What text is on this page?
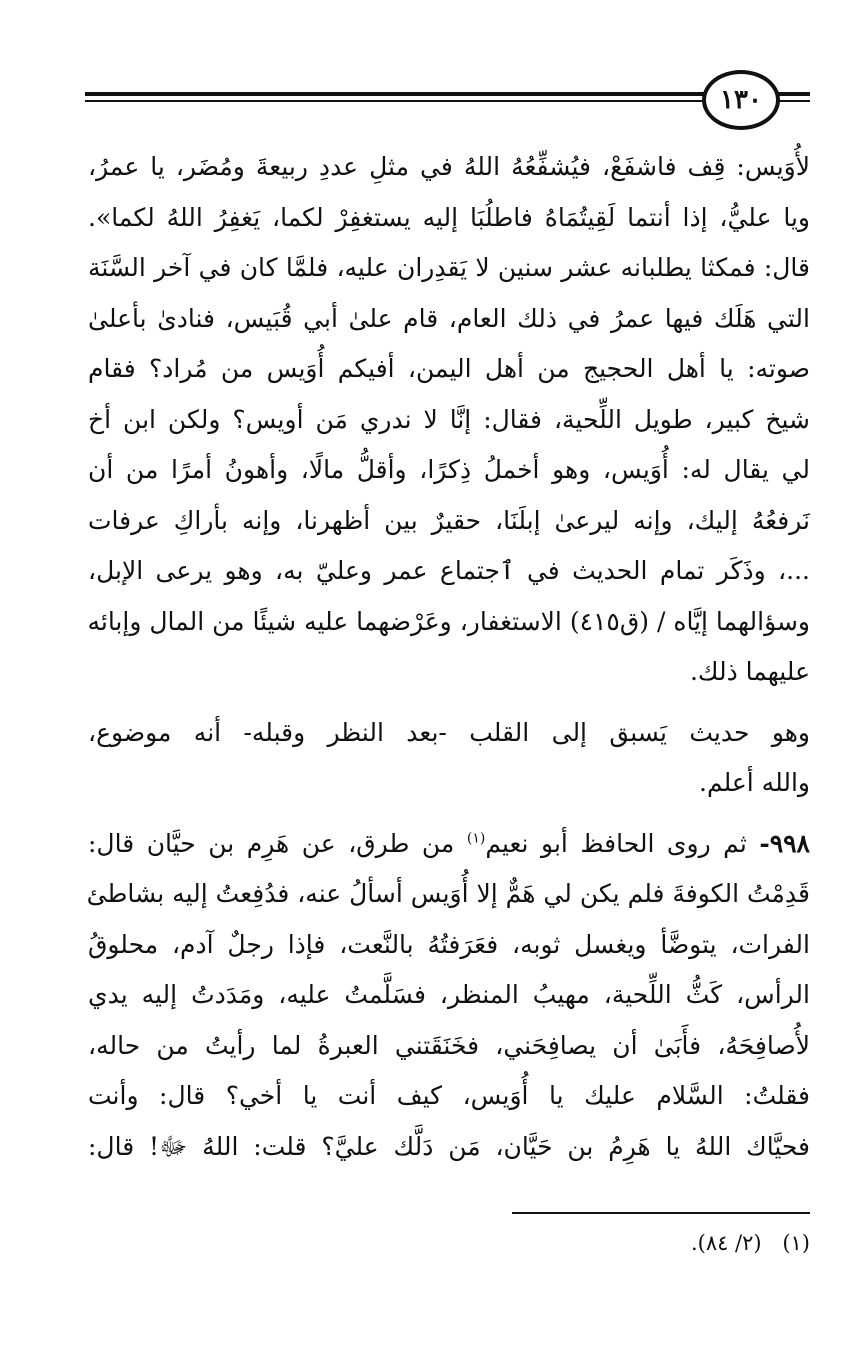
١٣٠

لأُوَيس: قِف فاشفَعْ، فيُشفِّعُهُ اللهُ في مثلِ عددِ ربيعةَ ومُضَر، يا عمرُ،
ويا عليُّ، إذا أنتما لَقِيتُمَاهُ فاطلُبَا إليه يستغفِرْ لكما، يَغفِرُ اللهُ لكما».
قال: فمكثا يطلبانه عشر سنين لا يَقدِران عليه، فلمَّا كان في آخر السَّنَة
التي هَلَك فيها عمرُ في ذلك العام، قام علىٰ أبي قُبَيس، فنادىٰ بأعلىٰ
صوته: يا أهل الحجيج من أهل اليمن، أفيكم أُوَيس من مُراد؟ فقام
شيخ كبير، طويل اللِّحية، فقال: إنَّا لا ندري مَن أويس؟ ولكن ابن أخ
لي يقال له: أُوَيس، وهو أخملُ ذِكرًا، وأقلُّ مالًا، وأهونُ أمرًا من أن
نَرفعُهُ إليك، وإنه ليرعىٰ إبلَنَا، حقيرٌ بين أظهرنا، وإنه بأراكِ عرفات
...، وذَكَر تمام الحديث في ٱجتماع عمر وعليّ به، وهو يرعى الإبل،
وسؤالهما إيَّاه / (ق٤١٥) الاستغفار، وعَرْضهما عليه شيئًا من المال وإبائه
عليهما ذلك.

وهو حديث يَسبق إلى القلب -بعد النظر وقبله- أنه موضوع،
والله أعلم.

٩٩٨- ثم روى الحافظ أبو نعيم$^{(١)}$ من طرق، عن هَرِم بن حيَّان قال:
قَدِمْتُ الكوفةَ فلم يكن لي هَمٌّ إلا أُوَيس أسألُ عنه، فدُفِعتُ إليه بشاطئ
الفرات، يتوضَّأ ويغسل ثوبه، فعَرَفتُهُ بالنَّعت، فإذا رجلٌ آدم، محلوقُ
الرأس، كَثُّ اللِّحية، مهيبُ المنظر، فسَلَّمتُ عليه، ومَدَدتُ إليه يدي
لأُصافِحَهُ، فأَبَىٰ أن يصافِحَني، فخَنَقَتني العبرةُ لما رأيتُ من حاله،
فقلتُ: السَّلام عليك يا أُوَيس، كيف أنت يا أخي؟ قال: وأنت
فحيَّاك اللهُ يا هَرِمُ بن حَيَّان، مَن دَلَّك عليَّ؟ قلت: اللهُ ﷻ! قال:

(١) (٢/ ٨٤).
